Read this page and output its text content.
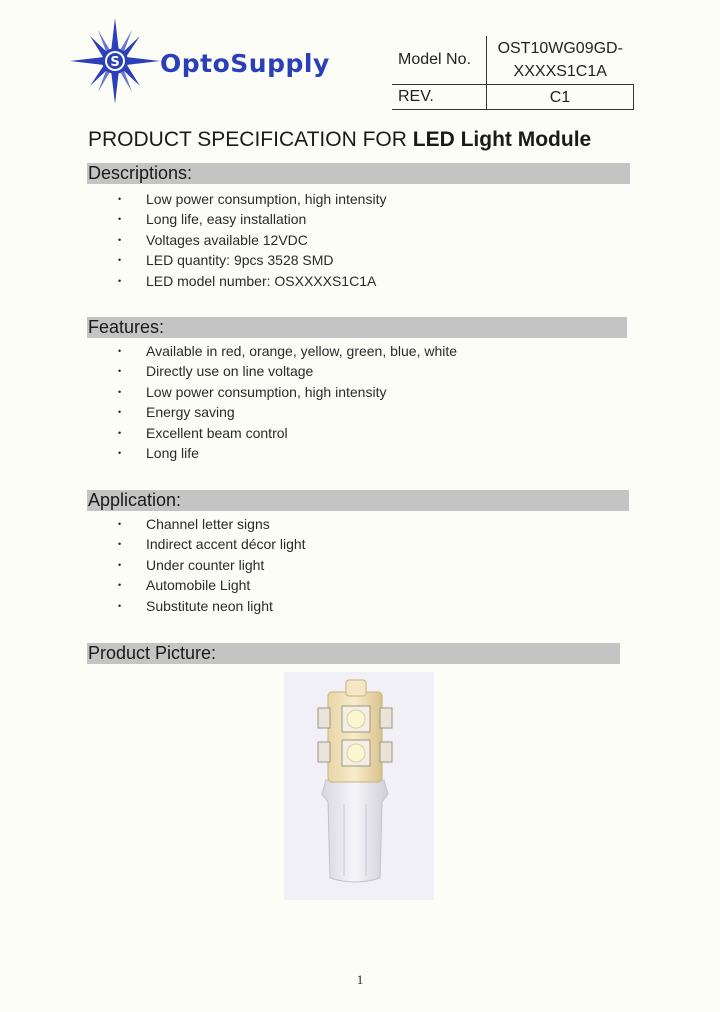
S OptoSupply	Model No.	OST10WG09GD-
XXXXS1C1A

REV.	C1
PRODUCT SPECIFICATION FOR LED Light Module
Descriptions:
• Low power consumption, high intensity
• Long life, easy installation
• Voltages available 12VDC
• LED quantity: 9pcs 3528 SMD
• LED model number: OSXXXXS1C1A
Features:
• Available in red, orange, yellow, green, blue, white
• Directly use on line voltage
• Low power consumption, high intensity
• Energy saving
• Excellent beam control
• Long life
Application:
• Channel letter signs
• Indirect accent décor light
• Under counter light
• Automobile Light
• Substitute neon light
Product Picture:
1
